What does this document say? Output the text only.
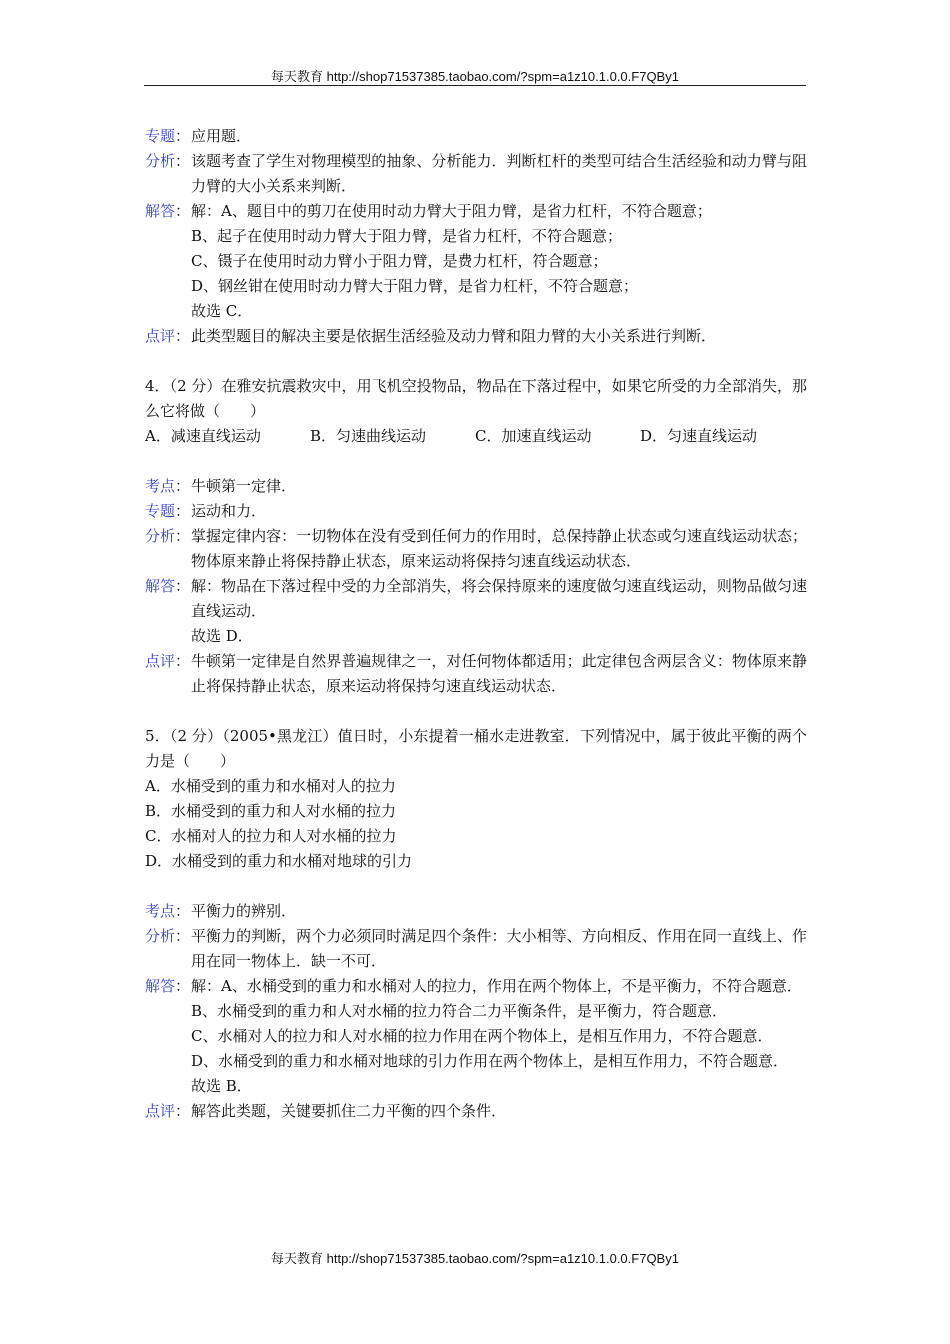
每天教育 http://shop71537385.taobao.com/?spm=a1z10.1.0.0.F7QBy1
专题： 应用题．
分析： 该题考查了学生对物理模型的抽象、分析能力．判断杠杆的类型可结合生活经验和动力臂与阻力臂的大小关系来判断．
解答： 解：A、题目中的剪刀在使用时动力臂大于阻力臂，是省力杠杆，不符合题意；
B、起子在使用时动力臂大于阻力臂，是省力杠杆，不符合题意；
C、镊子在使用时动力臂小于阻力臂，是费力杠杆，符合题意；
D、钢丝钳在使用时动力臂大于阻力臂，是省力杠杆，不符合题意；
故选 C．
点评： 此类型题目的解决主要是依据生活经验及动力臂和阻力臂的大小关系进行判断．
4．（2 分）在雅安抗震救灾中，用飞机空投物品，物品在下落过程中，如果它所受的力全部消失，那么它将做（　　）
A．减速直线运动	B．匀速曲线运动	C．加速直线运动	D．匀速直线运动
考点： 牛顿第一定律．
专题： 运动和力．
分析： 掌握定律内容：一切物体在没有受到任何力的作用时，总保持静止状态或匀速直线运动状态；物体原来静止将保持静止状态，原来运动将保持匀速直线运动状态．
解答： 解：物品在下落过程中受的力全部消失，将会保持原来的速度做匀速直线运动，则物品做匀速直线运动．
故选 D．
点评： 牛顿第一定律是自然界普遍规律之一，对任何物体都适用；此定律包含两层含义：物体原来静止将保持静止状态，原来运动将保持匀速直线运动状态．
5．（2 分）（2005•黑龙江）值日时，小东提着一桶水走进教室．下列情况中，属于彼此平衡的两个力是（　　）
A．水桶受到的重力和水桶对人的拉力
B．水桶受到的重力和人对水桶的拉力
C．水桶对人的拉力和人对水桶的拉力
D．水桶受到的重力和水桶对地球的引力
考点： 平衡力的辨别．
分析： 平衡力的判断，两个力必须同时满足四个条件：大小相等、方向相反、作用在同一直线上、作用在同一物体上．缺一不可．
解答： 解：A、水桶受到的重力和水桶对人的拉力，作用在两个物体上，不是平衡力，不符合题意．
B、水桶受到的重力和人对水桶的拉力符合二力平衡条件，是平衡力，符合题意．
C、水桶对人的拉力和人对水桶的拉力作用在两个物体上，是相互作用力，不符合题意．
D、水桶受到的重力和水桶对地球的引力作用在两个物体上，是相互作用力，不符合题意．
故选 B．
点评： 解答此类题，关键要抓住二力平衡的四个条件．
每天教育 http://shop71537385.taobao.com/?spm=a1z10.1.0.0.F7QBy1
